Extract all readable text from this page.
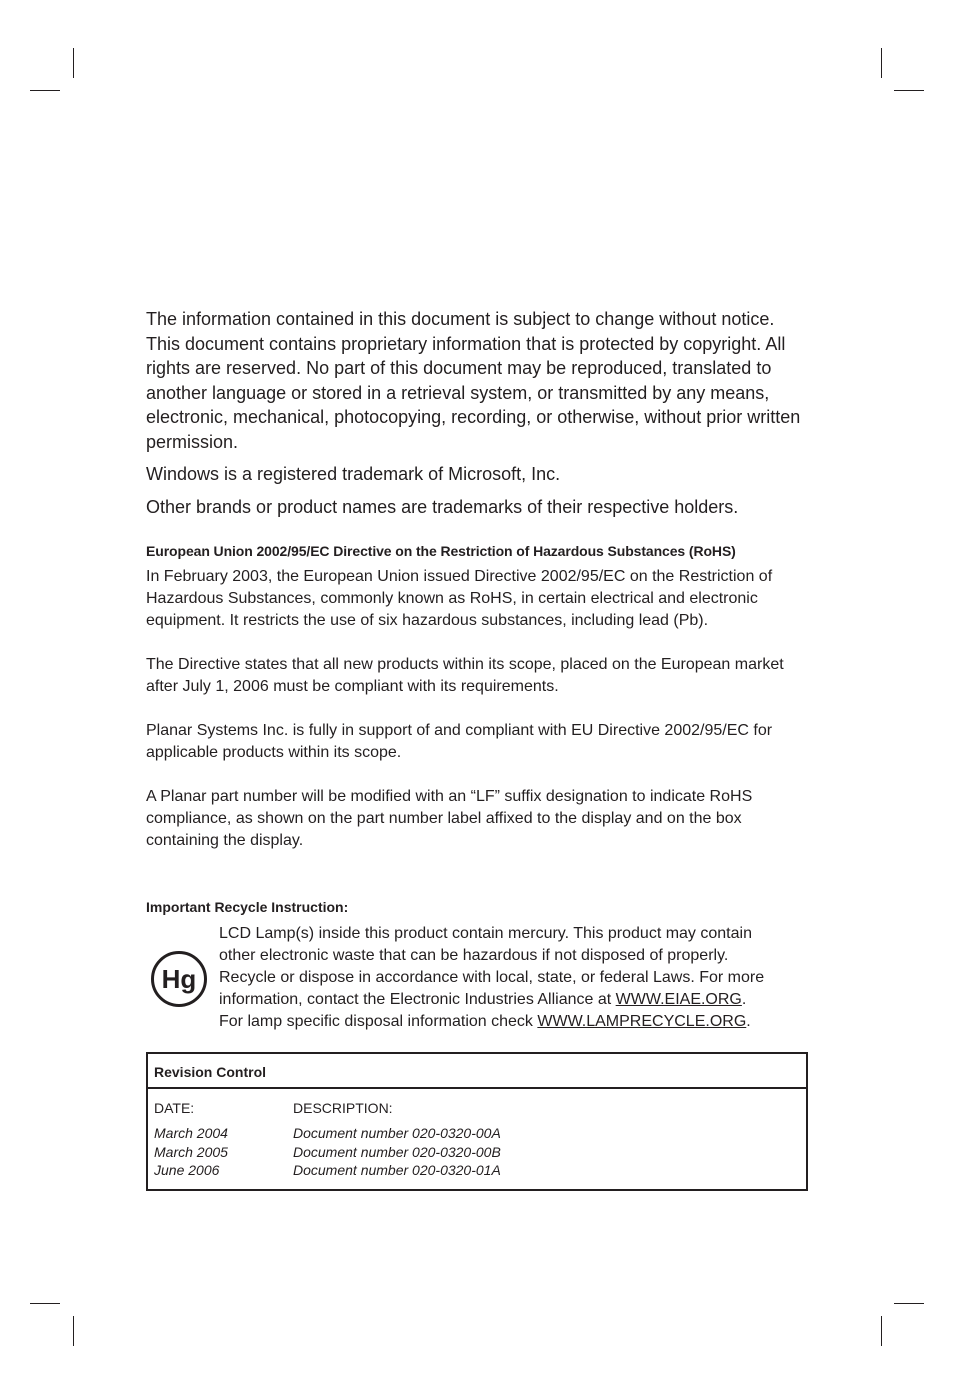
The information contained in this document is subject to change without notice. This document contains proprietary information that is protected by copyright. All rights are reserved. No part of this document may be reproduced, translated to another language or stored in a retrieval system, or transmitted by any means, electronic, mechanical, photocopying, recording, or otherwise, without prior written permission.

Windows is a registered trademark of Microsoft, Inc.

Other brands or product names are trademarks of their respective holders.

European Union 2002/95/EC Directive on the Restriction of Hazardous Substances (RoHS)

In February 2003, the European Union issued Directive 2002/95/EC on the Restriction of Hazardous Substances, commonly known as RoHS, in certain electrical and electronic equipment. It restricts the use of six hazardous substances, including lead (Pb).

The Directive states that all new products within its scope, placed on the European market after July 1, 2006 must be compliant with its requirements.

Planar Systems Inc. is fully in support of and compliant with EU Directive 2002/95/EC for applicable products within its scope.

A Planar part number will be modified with an “LF” suffix designation to indicate RoHS compliance, as shown on the part number label affixed to the display and on the box containing the display.

Important Recycle Instruction:
Hg

LCD Lamp(s) inside this product contain mercury. This product may contain
other electronic waste that can be hazardous if not disposed of properly.
Recycle or dispose in accordance with local, state, or federal Laws. For more
information, contact the Electronic Industries Alliance at WWW.EIAE.ORG.
For lamp specific disposal information check WWW.LAMPRECYCLE.ORG.

Revision Control
DATE:
March 2004
March 2005
June 2006
DESCRIPTION:
Document number 020-0320-00A
Document number 020-0320-00B
Document number 020-0320-01A
